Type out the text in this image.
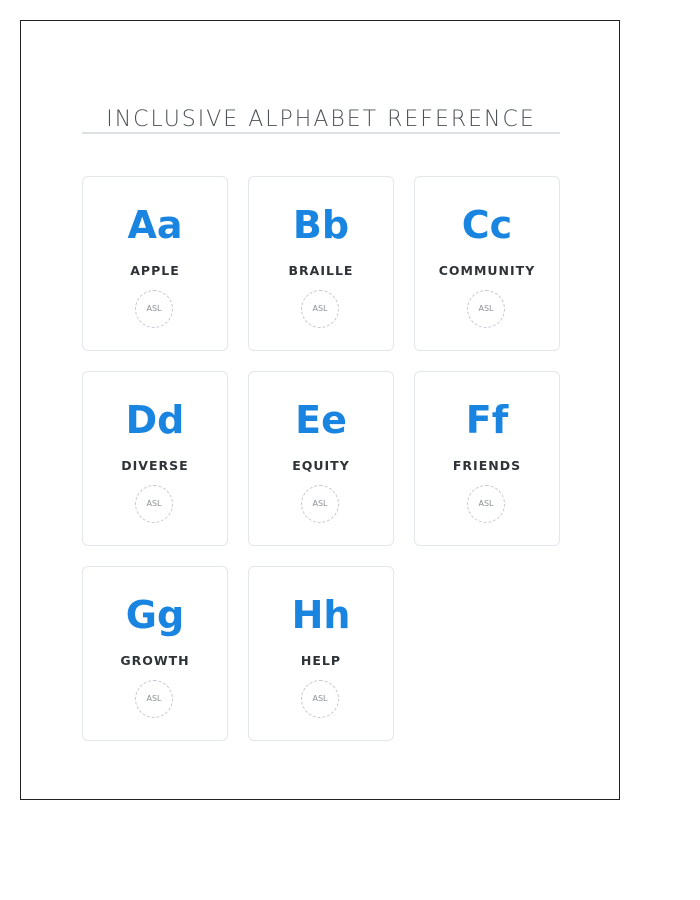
INCLUSIVE ALPHABET REFERENCE
Aa
APPLE
ASL
Bb
BRAILLE
ASL
Cc
COMMUNITY
ASL
Dd
DIVERSE
ASL
Ee
EQUITY
ASL
Ff
FRIENDS
ASL
Gg
GROWTH
ASL
Hh
HELP
ASL
